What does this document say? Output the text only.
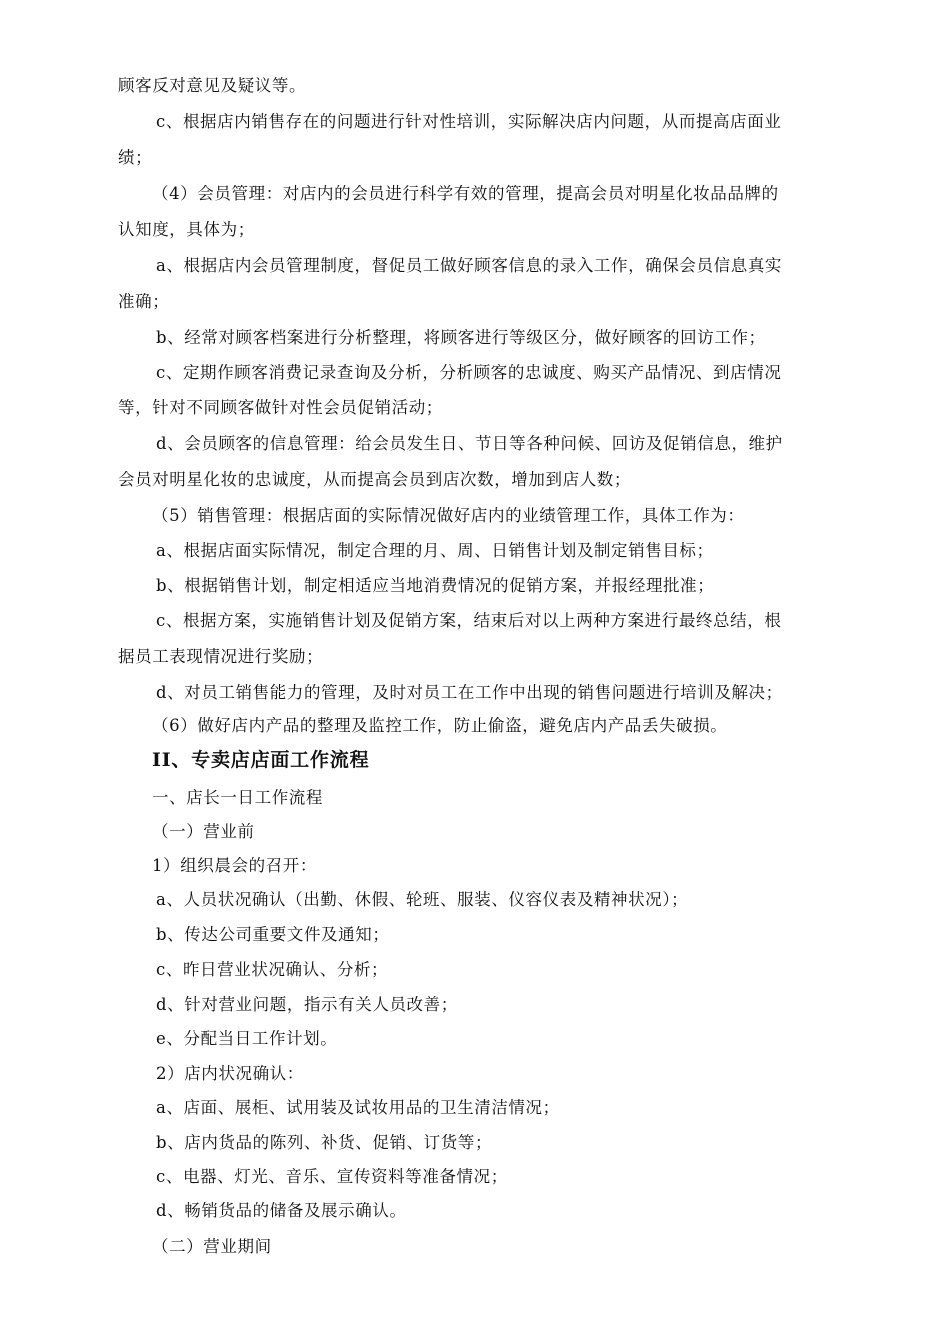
顾客反对意见及疑议等。
c、根据店内销售存在的问题进行针对性培训，实际解决店内问题，从而提高店面业
绩；
（4）会员管理：对店内的会员进行科学有效的管理，提高会员对明星化妆品品牌的
认知度，具体为；
a、根据店内会员管理制度，督促员工做好顾客信息的录入工作，确保会员信息真实
准确；
b、经常对顾客档案进行分析整理，将顾客进行等级区分，做好顾客的回访工作；
c、定期作顾客消费记录查询及分析，分析顾客的忠诚度、购买产品情况、到店情况
等，针对不同顾客做针对性会员促销活动；
d、会员顾客的信息管理：给会员发生日、节日等各种问候、回访及促销信息，维护
会员对明星化妆的忠诚度，从而提高会员到店次数，增加到店人数；
（5）销售管理：根据店面的实际情况做好店内的业绩管理工作，具体工作为：
a、根据店面实际情况，制定合理的月、周、日销售计划及制定销售目标；
b、根据销售计划，制定相适应当地消费情况的促销方案，并报经理批准；
c、根据方案，实施销售计划及促销方案，结束后对以上两种方案进行最终总结，根
据员工表现情况进行奖励；
d、对员工销售能力的管理，及时对员工在工作中出现的销售问题进行培训及解决；
（6）做好店内产品的整理及监控工作，防止偷盗，避免店内产品丢失破损。
II、专卖店店面工作流程
一、店长一日工作流程
（一）营业前
1）组织晨会的召开：
a、人员状况确认（出勤、休假、轮班、服装、仪容仪表及精神状况）；
b、传达公司重要文件及通知；
c、昨日营业状况确认、分析；
d、针对营业问题，指示有关人员改善；
e、分配当日工作计划。
2）店内状况确认：
a、店面、展柜、试用装及试妆用品的卫生清洁情况；
b、店内货品的陈列、补货、促销、订货等；
c、电器、灯光、音乐、宣传资料等准备情况；
d、畅销货品的储备及展示确认。
（二）营业期间
